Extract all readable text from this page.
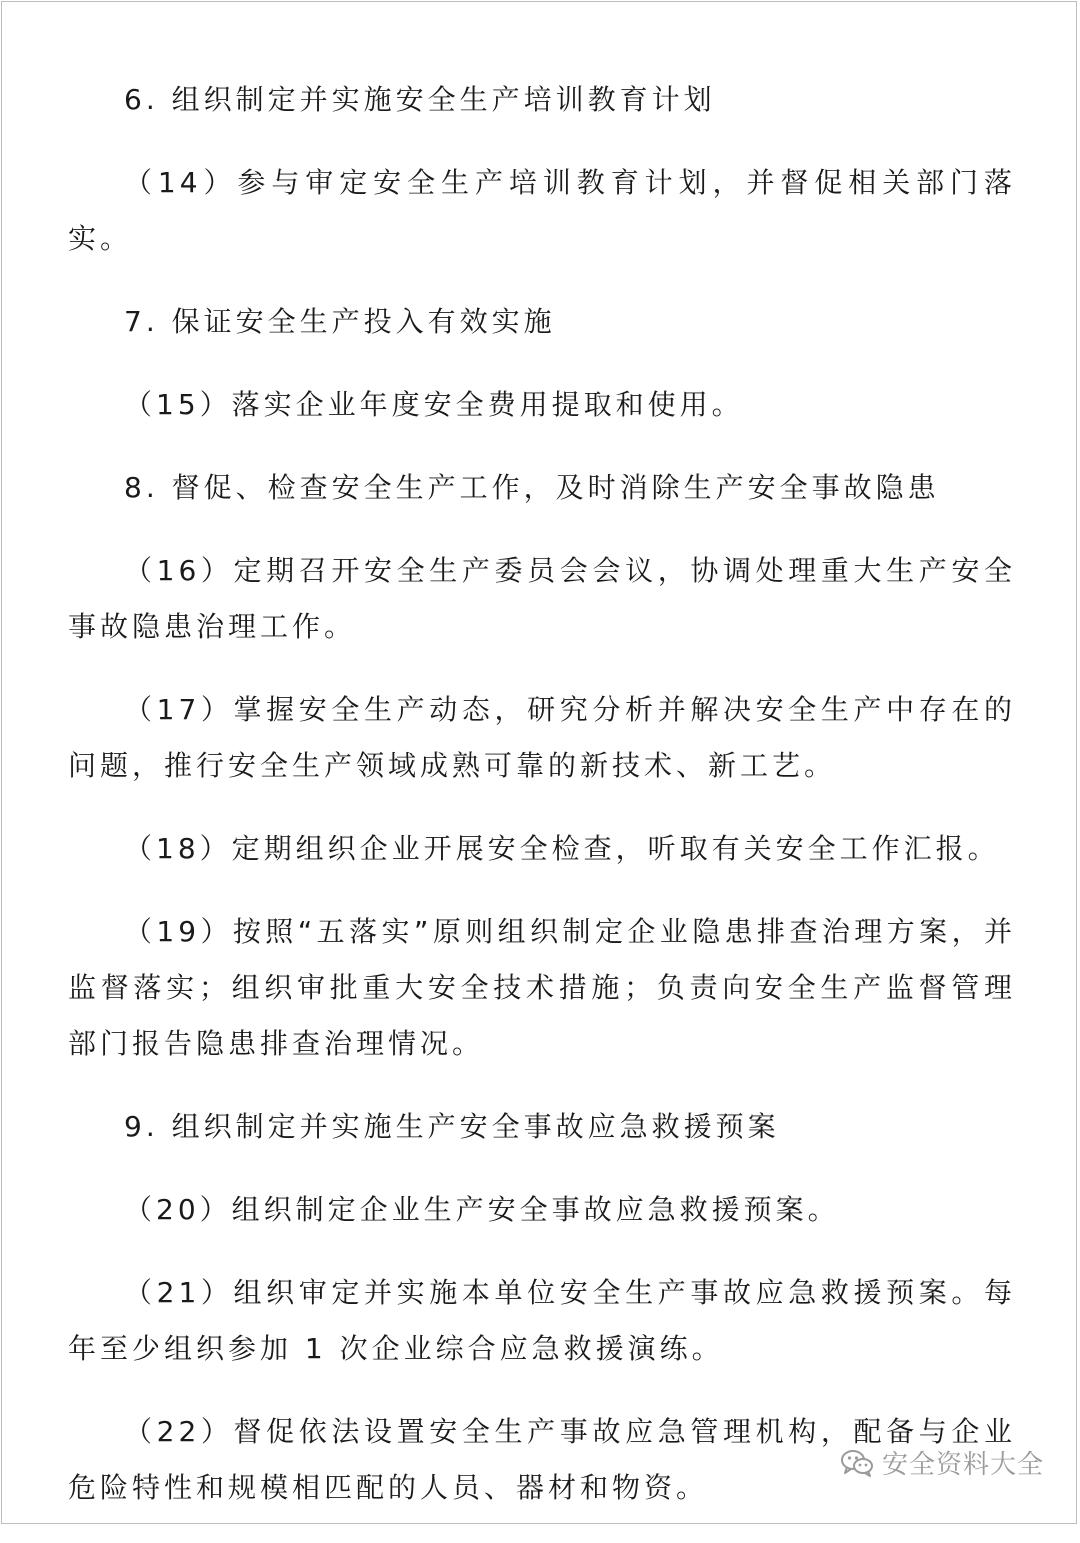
6. 组织制定并实施安全生产培训教育计划

（14）参与审定安全生产培训教育计划，并督促相关部门落实。

7. 保证安全生产投入有效实施

（15）落实企业年度安全费用提取和使用。

8. 督促、检查安全生产工作，及时消除生产安全事故隐患

（16）定期召开安全生产委员会会议，协调处理重大生产安全事故隐患治理工作。

（17）掌握安全生产动态，研究分析并解决安全生产中存在的问题，推行安全生产领域成熟可靠的新技术、新工艺。

（18）定期组织企业开展安全检查，听取有关安全工作汇报。

（19）按照“五落实”原则组织制定企业隐患排查治理方案，并监督落实；组织审批重大安全技术措施；负责向安全生产监督管理部门报告隐患排查治理情况。

9. 组织制定并实施生产安全事故应急救援预案

（20）组织制定企业生产安全事故应急救援预案。

（21）组织审定并实施本单位安全生产事故应急救援预案。每年至少组织参加 1 次企业综合应急救援演练。

（22）督促依法设置安全生产事故应急管理机构，配备与企业危险特性和规模相匹配的人员、器材和物资。

安全资料大全
